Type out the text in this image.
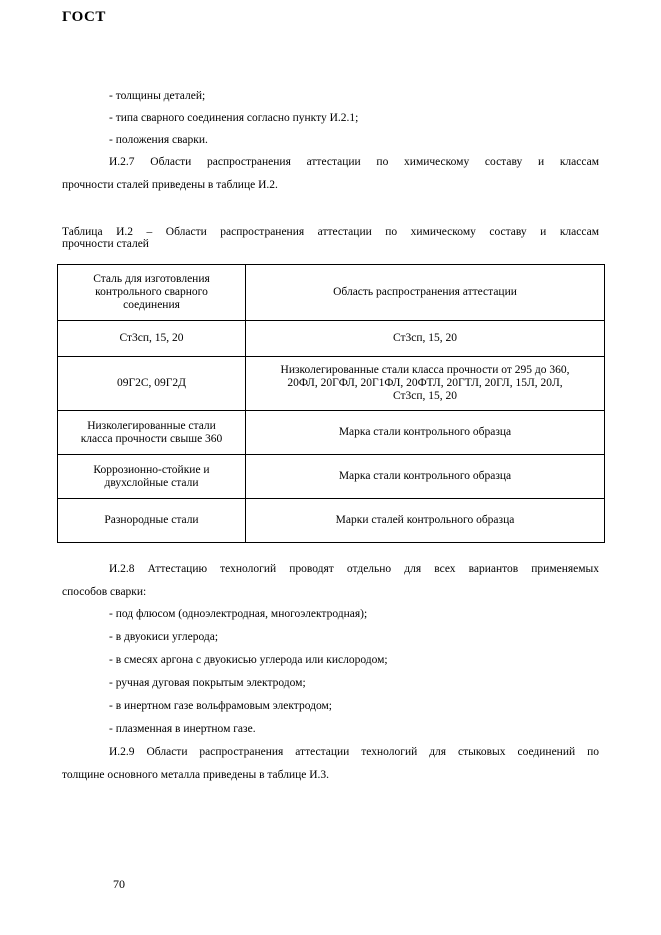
ГОСТ
- толщины деталей;
- типа сварного соединения согласно пункту И.2.1;
- положения сварки.
И.2.7 Области распространения аттестации по химическому составу и классам
прочности сталей приведены в таблице И.2.
Таблица И.2 – Области распространения аттестации по химическому составу и классам
прочности сталей
Сталь для изготовления
контрольного сварного
соединения	Область распространения аттестации
Ст3сп, 15, 20	Ст3сп, 15, 20
09Г2С, 09Г2Д	Низколегированные стали класса прочности от 295 до 360,
20ФЛ, 20ГФЛ, 20Г1ФЛ, 20ФТЛ, 20ГТЛ, 20ГЛ, 15Л, 20Л,
Ст3сп, 15, 20
Низколегированные стали
класса прочности свыше 360	Марка стали контрольного образца
Коррозионно-стойкие и
двухслойные стали	Марка стали контрольного образца
Разнородные стали	Марки сталей контрольного образца
И.2.8 Аттестацию технологий проводят отдельно для всех вариантов применяемых
способов сварки:
- под флюсом (одноэлектродная, многоэлектродная);
- в двуокиси углерода;
- в смесях аргона с двуокисью углерода или кислородом;
- ручная дуговая покрытым электродом;
- в инертном газе вольфрамовым электродом;
- плазменная в инертном газе.
И.2.9 Области распространения аттестации технологий для стыковых соединений по
толщине основного металла приведены в таблице И.3.
70
